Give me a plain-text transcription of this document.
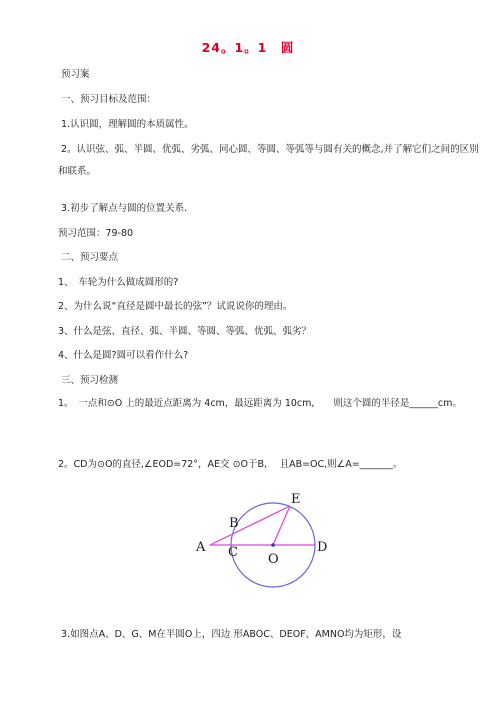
24。1。1　圆
预习案
一、预习目标及范围：
1.认识圆，理解圆的本质属性。
2。认识弦、弧、半圆、优弧、劣弧、同心圆、等圆、等弧等与圆有关的概念,并了解它们之间的区别和联系。
3.初步了解点与圆的位置关系.
预习范围：79-80
二、预习要点
1、　车轮为什么做成圆形的?
2、为什么说“直径是圆中最长的弦”？试说说你的理由。
3、什么是弦、直径、弧、半圆、等圆、等弧、优弧、弧劣？
4、什么是圆?圆可以看作什么?
三、预习检测
1。　一点和⊙O 上的最近点距离为 4cm，最远距离为 10cm,　　则这个圆的半径是______cm。
2。CD为⊙O的直径,∠EOD=72°，AE交 ⊙O于B,　 且AB=OC,则∠A=_______。
A
B
C O
D
E
3.如图点A、D、G、M在半圆O上，四边 形ABOC、DEOF、AMNO均为矩形，设
